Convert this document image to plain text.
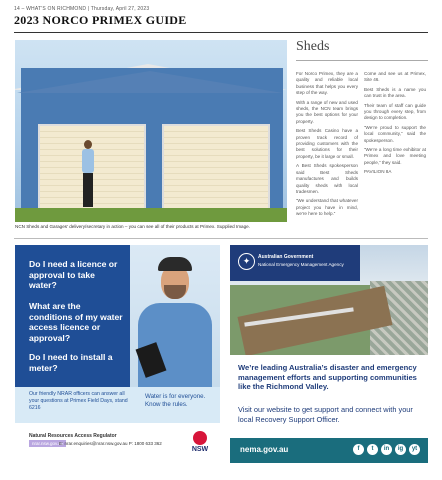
14 – WHAT'S ON RICHMOND | Thursday, April 27, 2023
2023 NORCO PRIMEX GUIDE
NCN Sheds and Garages’ delivery/secretary in action – you can see all of their products at Primex. Supplied Image.
Sheds

For Norco Primex, they are a quality and reliable local business that helps you every step of the way.

With a range of new and used sheds, the NCN team brings you the best options for your property.

Best Sheds Casino have a proven track record of providing customers with the best solutions for their property, be it large or small.

A Best Sheds spokesperson said Best Sheds manufactures and builds quality sheds with local tradesmen.

“We understand that whatever project you have in mind, we’re here to help.”

Come and see us at Primex, Site 46.

Best Sheds is a name you can trust in the area.

Their team of staff can guide you through every step, from design to completion.

“We’re proud to support the local community,” said the spokesperson.

“We’re a long time exhibitor at Primex and love meeting people,” they said.

PAVILION 8A

Do I need a licence or approval to take water?
What are the conditions of my water access licence or approval?
Do I need to install a meter?
Our friendly NRAR officers can answer all your questions at Primex Field Days, stand 6216
Water is for everyone. Know the rules.
Natural Resources Access Regulator
nrar.nsw.gov.au
E: nrar.enquiries@nrar.nsw.gov.au P: 1800 633 362
NSW
✦	Australian Government
National Emergency Management Agency
We’re leading Australia’s disaster and emergency management efforts and supporting communities like the Richmond Valley.
Visit our website to get support and connect with your local Recovery Support Officer.
nema.gov.au	f	t	in	ig	yt
